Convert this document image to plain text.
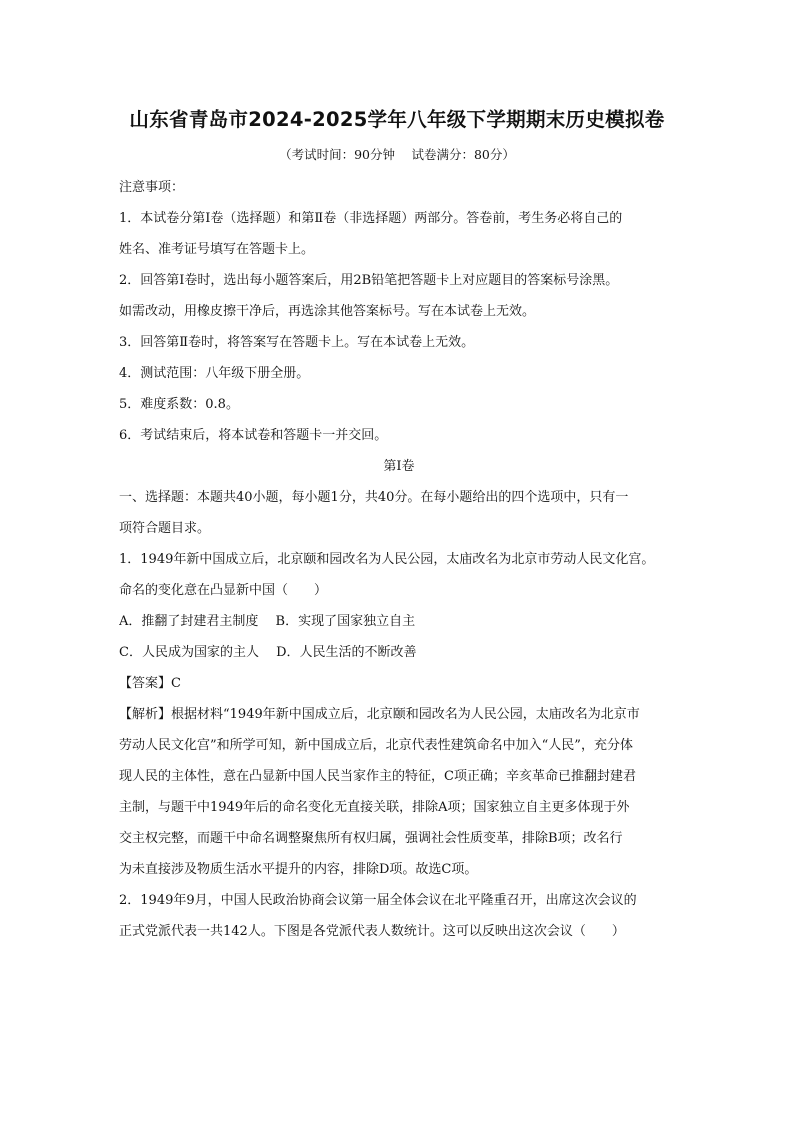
山东省青岛市2024-2025学年八年级下学期期末历史模拟卷
（考试时间：90分钟　 试卷满分：80分）
注意事项：
1．本试卷分第Ⅰ卷（选择题）和第Ⅱ卷（非选择题）两部分。答卷前，考生务必将自己的
姓名、准考证号填写在答题卡上。
2．回答第Ⅰ卷时，选出每小题答案后，用2B铅笔把答题卡上对应题目的答案标号涂黑。
如需改动，用橡皮擦干净后，再选涂其他答案标号。写在本试卷上无效。
3．回答第Ⅱ卷时，将答案写在答题卡上。写在本试卷上无效。
4．测试范围：八年级下册全册。
5．难度系数：0.8。
6．考试结束后，将本试卷和答题卡一并交回。
第Ⅰ卷
一、选择题：本题共40小题，每小题1分，共40分。在每小题给出的四个选项中，只有一
项符合题目求。
1．1949年新中国成立后，北京颐和园改名为人民公园，太庙改名为北京市劳动人民文化宫。
命名的变化意在凸显新中国（　　）
A．推翻了封建君主制度　 B．实现了国家独立自主
C．人民成为国家的主人　 D．人民生活的不断改善
【答案】C
【解析】根据材料“1949年新中国成立后，北京颐和园改名为人民公园，太庙改名为北京市
劳动人民文化宫”和所学可知，新中国成立后，北京代表性建筑命名中加入“人民”，充分体
现人民的主体性，意在凸显新中国人民当家作主的特征，C项正确；辛亥革命已推翻封建君
主制，与题干中1949年后的命名变化无直接关联，排除A项；国家独立自主更多体现于外
交主权完整，而题干中命名调整聚焦所有权归属，强调社会性质变革，排除B项；改名行
为未直接涉及物质生活水平提升的内容，排除D项。故选C项。
2．1949年9月，中国人民政治协商会议第一届全体会议在北平隆重召开，出席这次会议的
正式党派代表一共142人。下图是各党派代表人数统计。这可以反映出这次会议（　　）
